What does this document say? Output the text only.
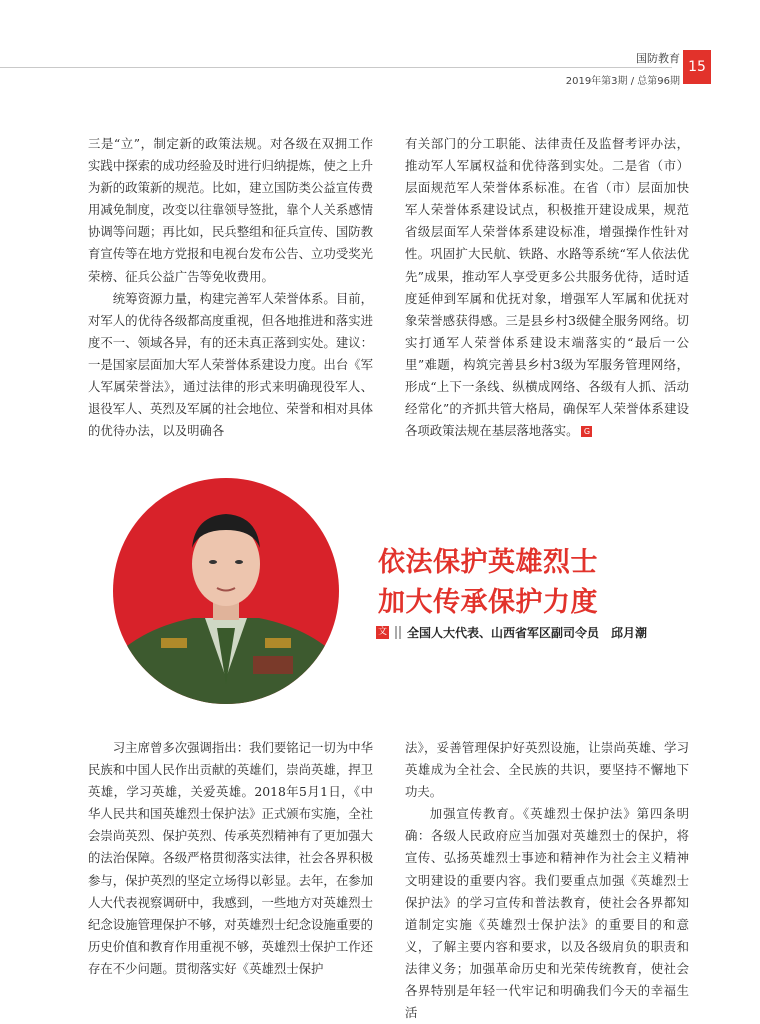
国防教育
2019年第3期 / 总第96期
15

三是“立”，制定新的政策法规。对各级在双拥工作实践中探索的成功经验及时进行归纳提炼，使之上升为新的政策新的规范。比如，建立国防类公益宣传费用减免制度，改变以往靠领导签批，靠个人关系感情协调等问题；再比如，民兵整组和征兵宣传、国防教育宣传等在地方党报和电视台发布公告、立功受奖光荣榜、征兵公益广告等免收费用。

统筹资源力量，构建完善军人荣誉体系。目前，对军人的优待各级都高度重视，但各地推进和落实进度不一、领域各异，有的还未真正落到实处。建议：一是国家层面加大军人荣誉体系建设力度。出台《军人军属荣誉法》，通过法律的形式来明确现役军人、退役军人、英烈及军属的社会地位、荣誉和相对具体的优待办法，以及明确各

有关部门的分工职能、法律责任及监督考评办法，推动军人军属权益和优待落到实处。二是省（市）层面规范军人荣誉体系标准。在省（市）层面加快军人荣誉体系建设试点，积极推开建设成果，规范省级层面军人荣誉体系建设标准，增强操作性针对性。巩固扩大民航、铁路、水路等系统“军人依法优先”成果，推动军人享受更多公共服务优待，适时适度延伸到军属和优抚对象，增强军人军属和优抚对象荣誉感获得感。三是县乡村3级健全服务网络。切实打通军人荣誉体系建设末端落实的“最后一公里”难题，构筑完善县乡村3级为军服务管理网络，形成“上下一条线、纵横成网络、各级有人抓、活动经常化”的齐抓共管大格局，确保军人荣誉体系建设各项政策法规在基层落地落实。 G

依法保护英雄烈士
加大传承保护力度
文 全国人大代表、山西省军区副司令员　邱月潮

习主席曾多次强调指出：我们要铭记一切为中华民族和中国人民作出贡献的英雄们，崇尚英雄，捍卫英雄，学习英雄，关爱英雄。2018年5月1日，《中华人民共和国英雄烈士保护法》正式颁布实施，全社会崇尚英烈、保护英烈、传承英烈精神有了更加强大的法治保障。各级严格贯彻落实法律，社会各界积极参与，保护英烈的坚定立场得以彰显。去年，在参加人大代表视察调研中，我感到，一些地方对英雄烈士纪念设施管理保护不够，对英雄烈士纪念设施重要的历史价值和教育作用重视不够，英雄烈士保护工作还存在不少问题。贯彻落实好《英雄烈士保护

法》，妥善管理保护好英烈设施，让崇尚英雄、学习英雄成为全社会、全民族的共识，要坚持不懈地下功夫。

加强宣传教育。《英雄烈士保护法》第四条明确：各级人民政府应当加强对英雄烈士的保护，将宣传、弘扬英雄烈士事迹和精神作为社会主义精神文明建设的重要内容。我们要重点加强《英雄烈士保护法》的学习宣传和普法教育，使社会各界都知道制定实施《英雄烈士保护法》的重要目的和意义，了解主要内容和要求，以及各级肩负的职责和法律义务；加强革命历史和光荣传统教育，使社会各界特别是年轻一代牢记和明确我们今天的幸福生活
